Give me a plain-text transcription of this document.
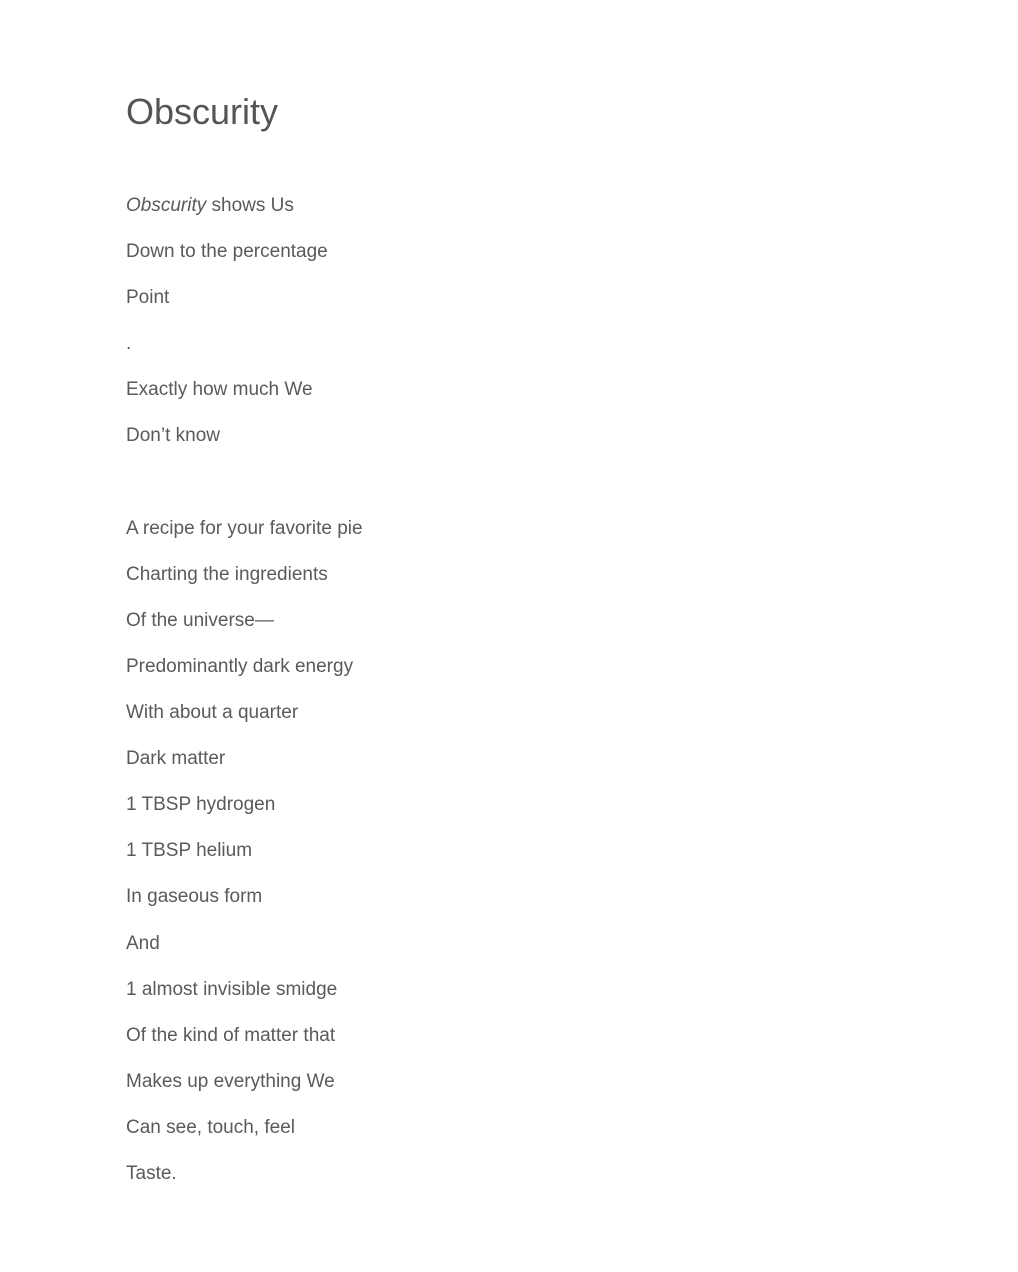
Obscurity
Obscurity shows Us
Down to the percentage
Point
.
Exactly how much We
Don’t know
A recipe for your favorite pie
Charting the ingredients
Of the universe—
Predominantly dark energy
With about a quarter
Dark matter
1 TBSP hydrogen
1 TBSP helium
In gaseous form
And
1 almost invisible smidge
Of the kind of matter that
Makes up everything We
Can see, touch, feel
Taste.
